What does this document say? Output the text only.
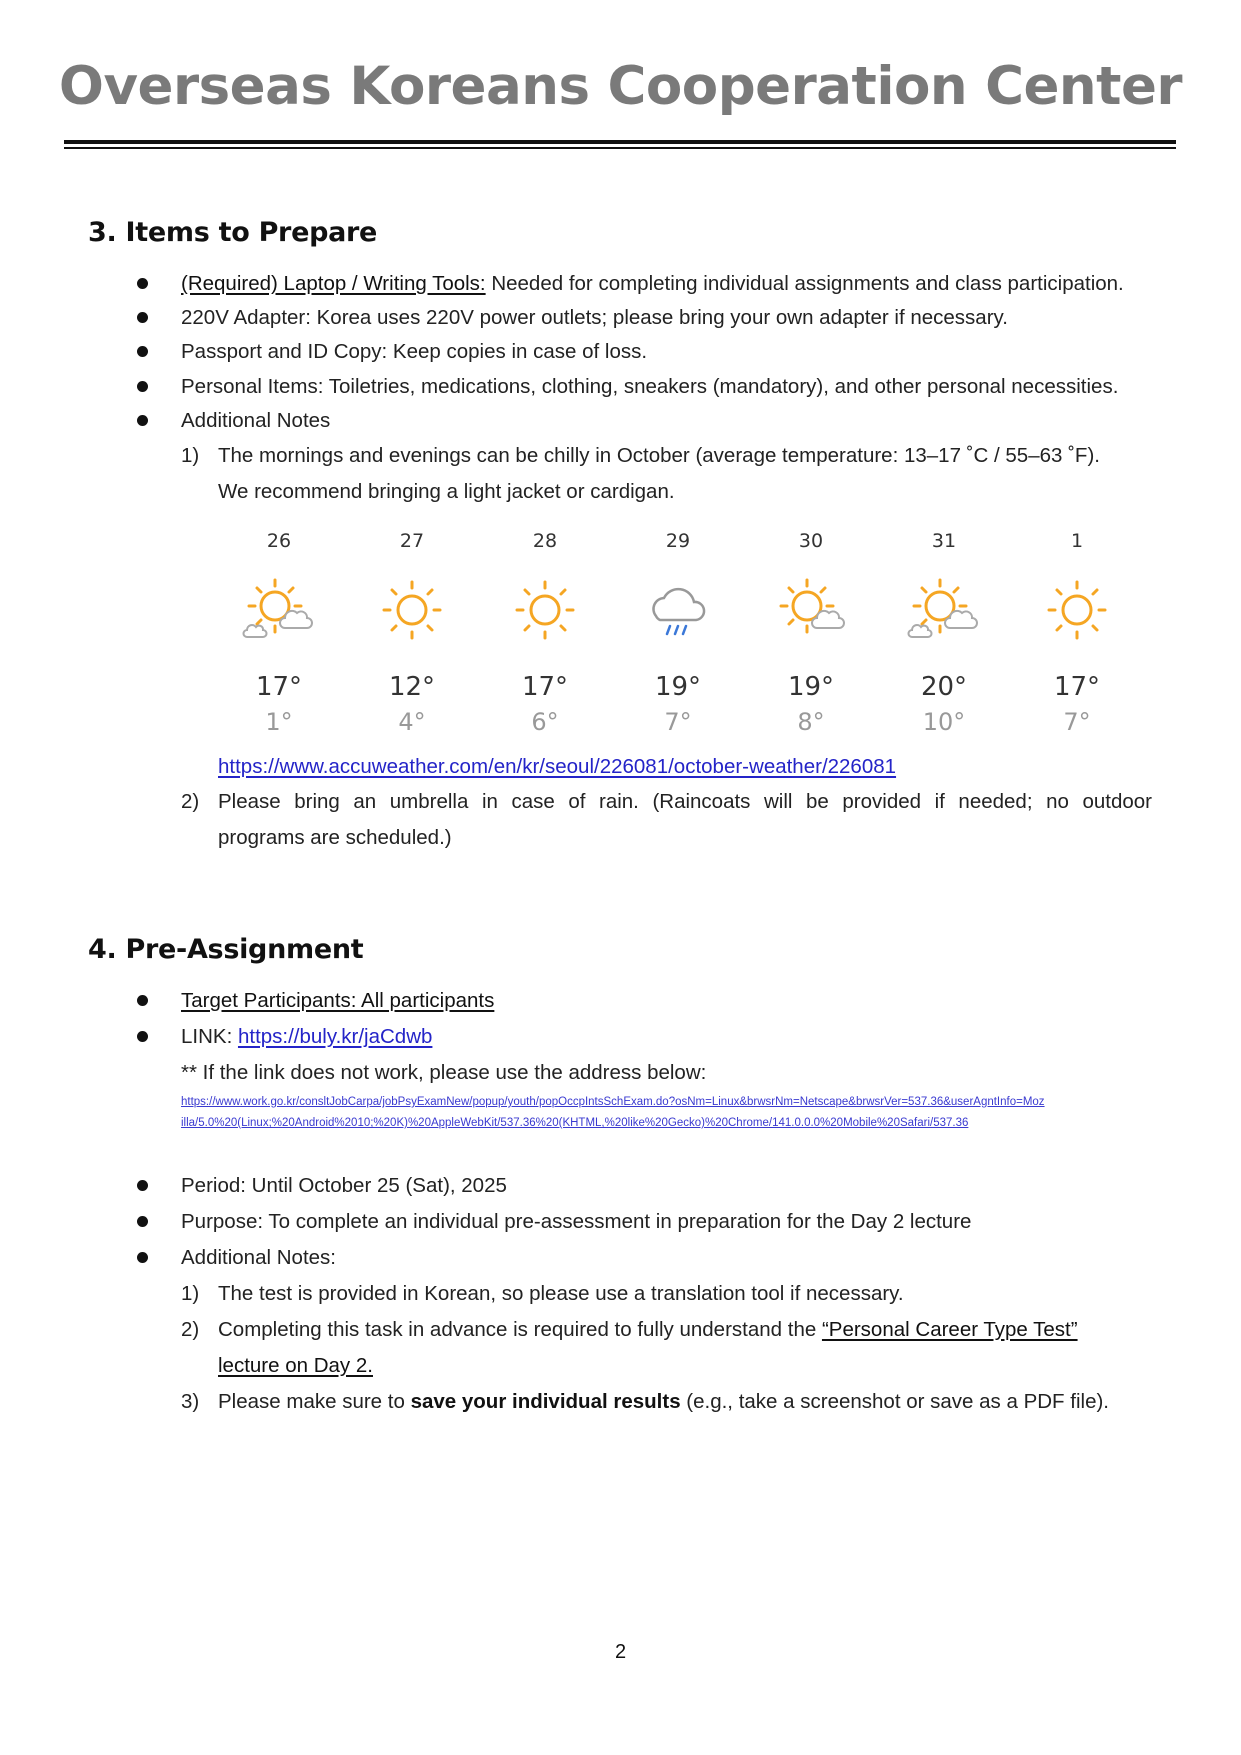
Overseas Koreans Cooperation Center
3. Items to Prepare
(Required) Laptop / Writing Tools: Needed for completing individual assignments and class participation.
220V Adapter: Korea uses 220V power outlets; please bring your own adapter if necessary.
Passport and ID Copy: Keep copies in case of loss.
Personal Items: Toiletries, medications, clothing, sneakers (mandatory), and other personal necessities.
Additional Notes
1) The mornings and evenings can be chilly in October (average temperature: 13–17 ˚C / 55–63 ˚F).
We recommend bringing a light jacket or cardigan.
26
17°
1°
27
12°
4°
28
17°
6°
29
19°
7°
30
19°
8°
31
20°
10°
1
17°
7°
https://www.accuweather.com/en/kr/seoul/226081/october-weather/226081
2) Please bring an umbrella in case of rain. (Raincoats will be provided if needed; no outdoor
programs are scheduled.)
4. Pre-Assignment
Target Participants: All participants
LINK: https://buly.kr/jaCdwb
** If the link does not work, please use the address below:
https://www.work.go.kr/consltJobCarpa/jobPsyExamNew/popup/youth/popOccpIntsSchExam.do?osNm=Linux&brwsrNm=Netscape&brwsrVer=537.36&userAgntInfo=Moz
illa/5.0%20(Linux;%20Android%2010;%20K)%20AppleWebKit/537.36%20(KHTML,%20like%20Gecko)%20Chrome/141.0.0.0%20Mobile%20Safari/537.36
Period: Until October 25 (Sat), 2025
Purpose: To complete an individual pre-assessment in preparation for the Day 2 lecture
Additional Notes:
1) The test is provided in Korean, so please use a translation tool if necessary.
2) Completing this task in advance is required to fully understand the “Personal Career Type Test”
lecture on Day 2.
3) Please make sure to save your individual results (e.g., take a screenshot or save as a PDF file).
2
